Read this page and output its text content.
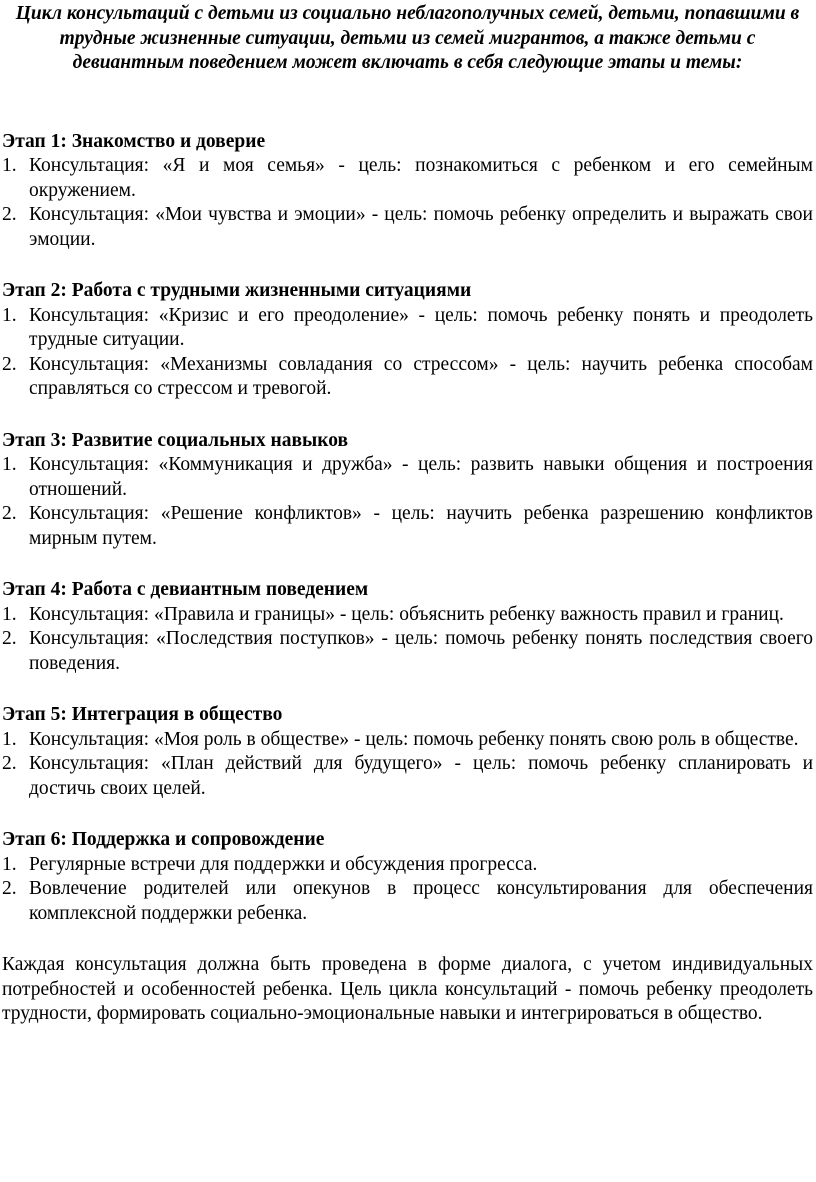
Цикл консультаций с детьми из социально неблагополучных семей, детьми, попавшими в трудные жизненные ситуации, детьми из семей мигрантов, а также детьми с девиантным поведением может включать в себя следующие этапы и темы:

Этап 1: Знакомство и доверие

1. Консультация: «Я и моя семья» - цель: познакомиться с ребенком и его семейным окружением.
2. Консультация: «Мои чувства и эмоции» - цель: помочь ребенку определить и выражать свои эмоции.

Этап 2: Работа с трудными жизненными ситуациями

1. Консультация: «Кризис и его преодоление» - цель: помочь ребенку понять и преодолеть трудные ситуации.
2. Консультация: «Механизмы совладания со стрессом» - цель: научить ребенка способам справляться со стрессом и тревогой.

Этап 3: Развитие социальных навыков

1. Консультация: «Коммуникация и дружба» - цель: развить навыки общения и построения отношений.
2. Консультация: «Решение конфликтов» - цель: научить ребенка разрешению конфликтов мирным путем.

Этап 4: Работа с девиантным поведением

1. Консультация: «Правила и границы» - цель: объяснить ребенку важность правил и границ.
2. Консультация: «Последствия поступков» - цель: помочь ребенку понять последствия своего поведения.

Этап 5: Интеграция в общество

1. Консультация: «Моя роль в обществе» - цель: помочь ребенку понять свою роль в обществе.
2. Консультация: «План действий для будущего» - цель: помочь ребенку спланировать и достичь своих целей.

Этап 6: Поддержка и сопровождение

1. Регулярные встречи для поддержки и обсуждения прогресса.
2. Вовлечение родителей или опекунов в процесс консультирования для обеспечения комплексной поддержки ребенка.

Каждая консультация должна быть проведена в форме диалога, с учетом индивидуальных потребностей и особенностей ребенка. Цель цикла консультаций - помочь ребенку преодолеть трудности, формировать социально-эмоциональные навыки и интегрироваться в общество.
